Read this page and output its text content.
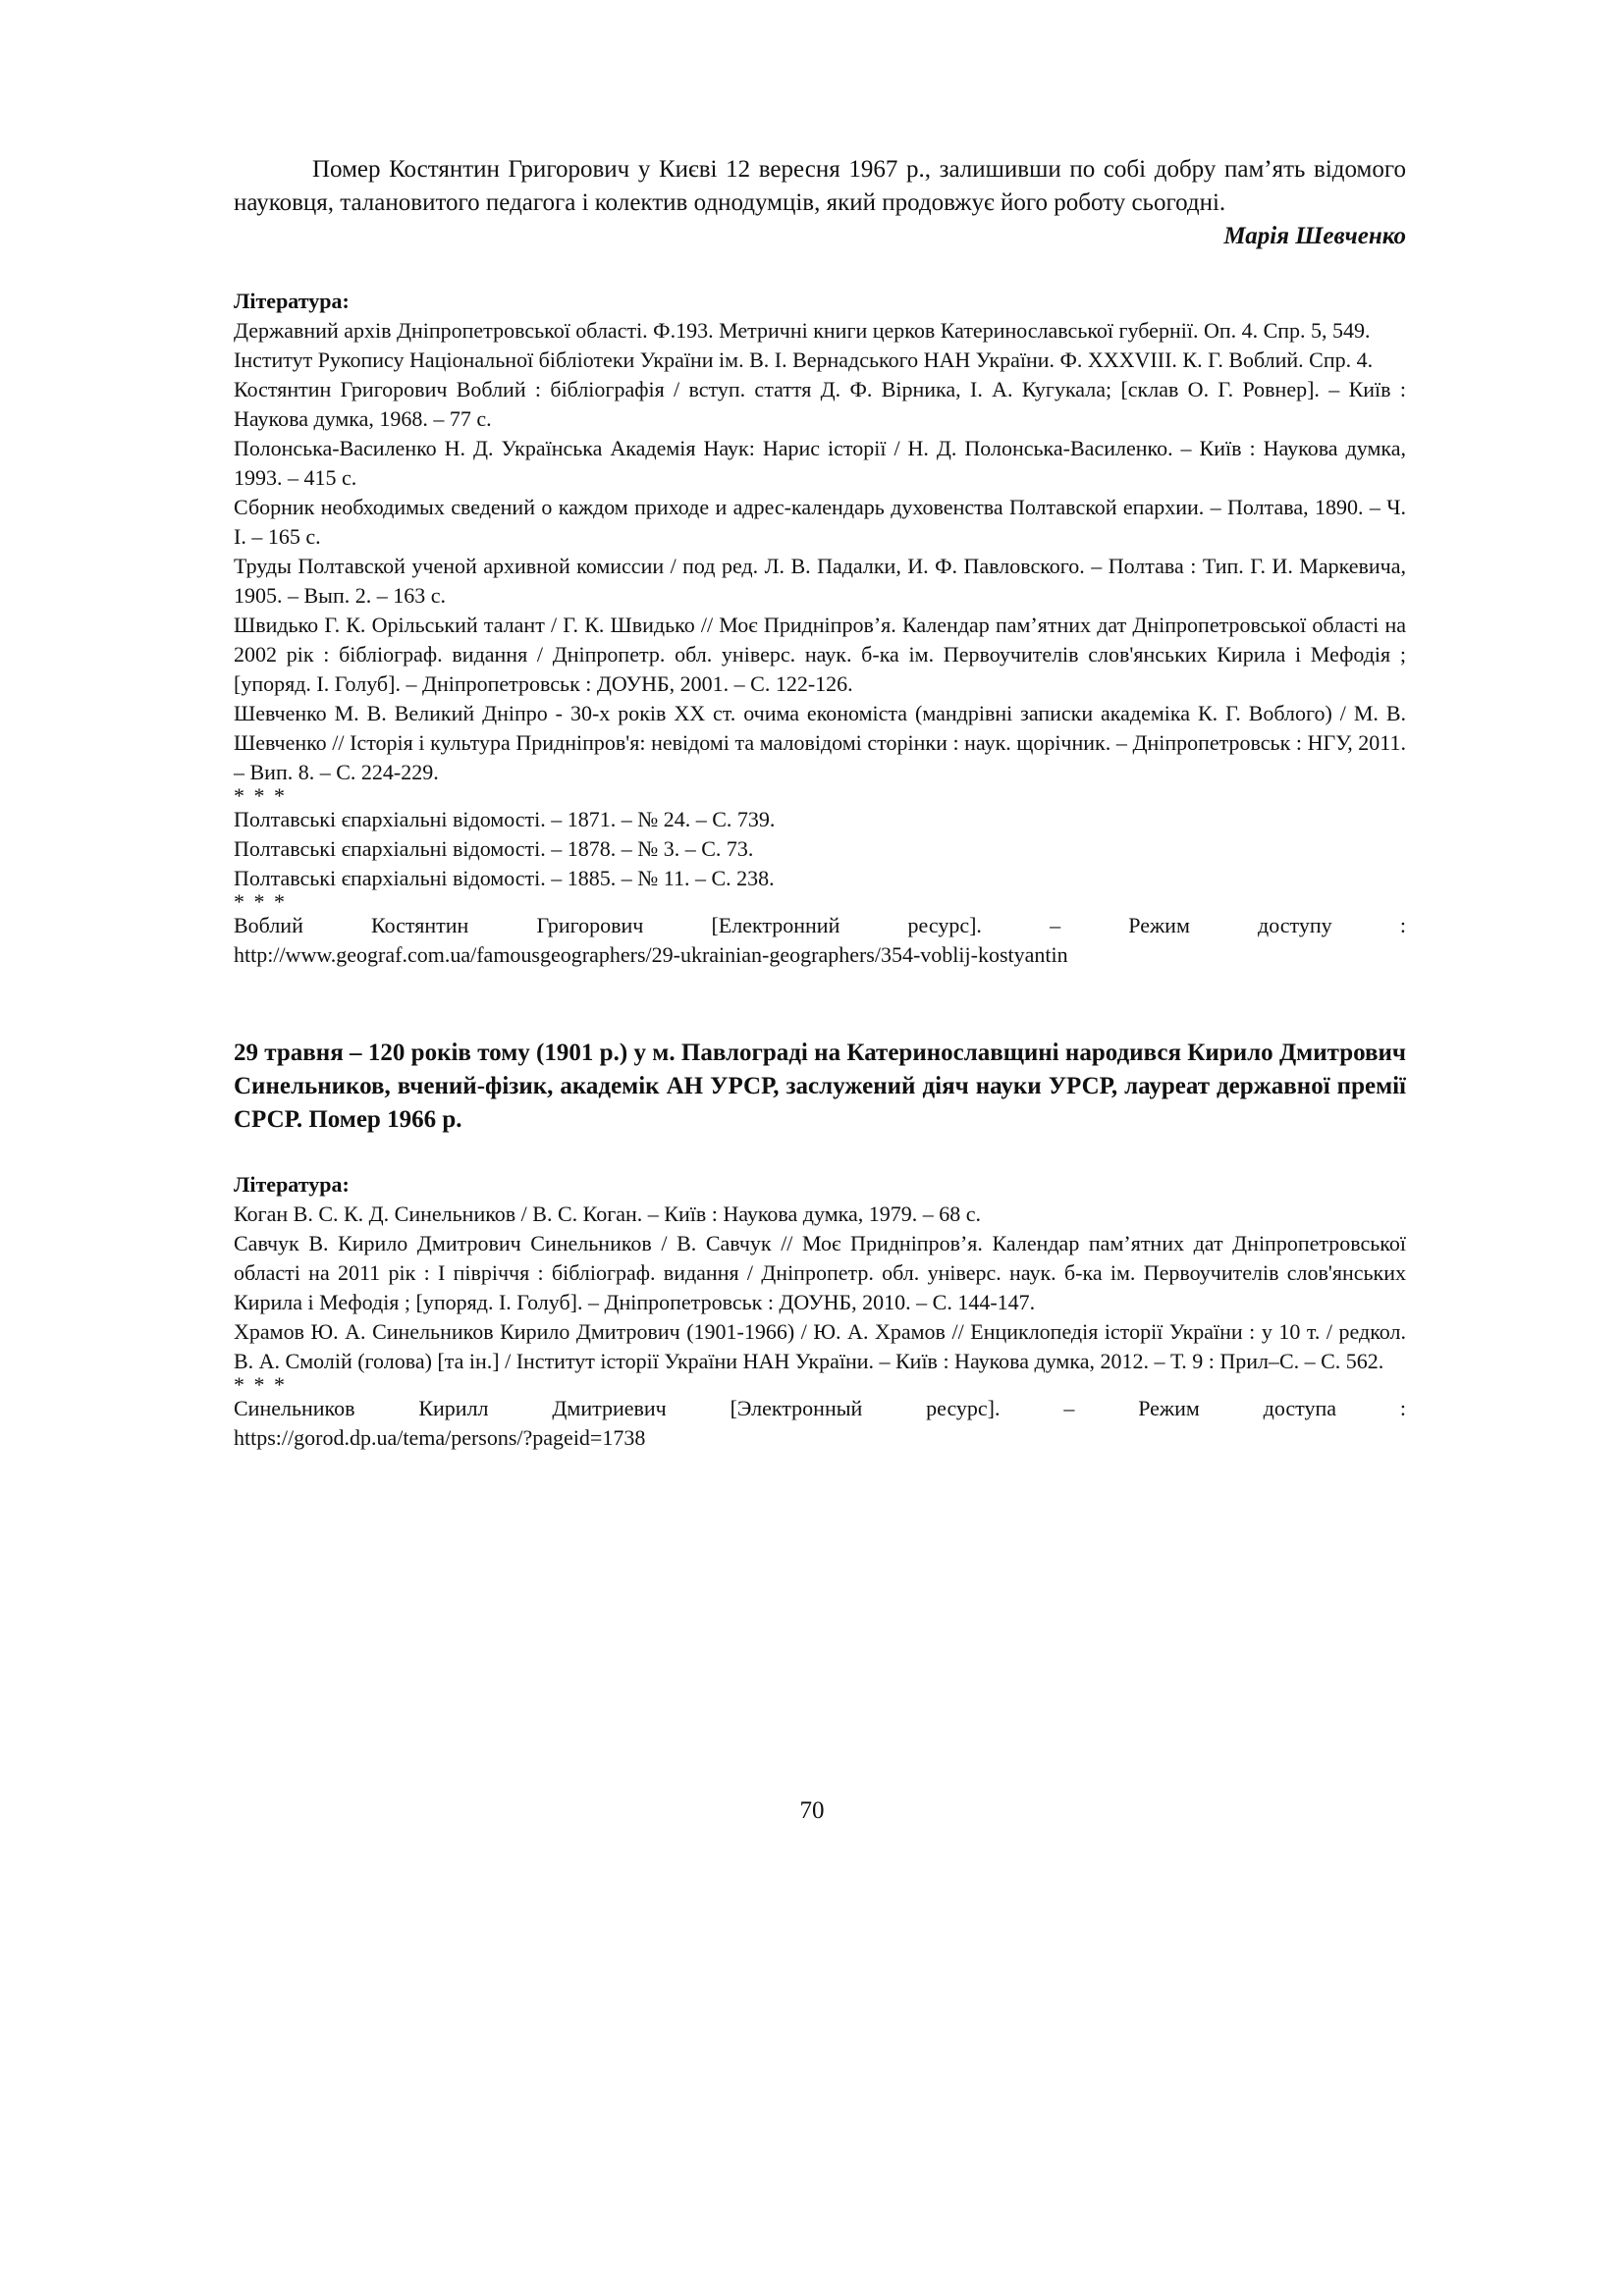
Помер Костянтин Григорович у Києві 12 вересня 1967 р., залишивши по собі добру пам’ять відомого науковця, талановитого педагога і колектив однодумців, який продовжує його роботу сьогодні.

Марія Шевченко

Література:

Державний архів Дніпропетровської області. Ф.193. Метричні книги церков Катеринославської губернії. Оп. 4. Спр. 5, 549.

Інститут Рукопису Національної бібліотеки України ім. В. І. Вернадського НАН України. Ф. XXXVIII. К. Г. Воблий. Спр. 4.

Костянтин Григорович Воблий : бібліографія / вступ. стаття Д. Ф. Вірника, І. А. Кугукала; [склав О. Г. Ровнер]. – Київ : Наукова думка, 1968. – 77 с.

Полонська-Василенко Н. Д. Українська Академія Наук: Нарис історії / Н. Д. Полонська-Василенко. – Київ : Наукова думка, 1993. – 415 с.

Сборник необходимых сведений о каждом приходе и адрес-календарь духовенства Полтавской епархии. – Полтава, 1890. – Ч. І. – 165 с.

Труды Полтавской ученой архивной комиссии / под ред. Л. В. Падалки, И. Ф. Павловского. – Полтава : Тип. Г. И. Маркевича, 1905. – Вып. 2. – 163 с.

Швидько Г. К. Орільський талант / Г. К. Швидько // Моє Придніпров’я. Календар пам’ятних дат Дніпропетровської області на 2002 рік : бібліограф. видання / Дніпропетр. обл. універс. наук. б-ка ім. Первоучителів слов'янських Кирила і Мефодія ; [упоряд. І. Голуб]. – Дніпропетровськ : ДОУНБ, 2001. – С. 122-126.

Шевченко М. В. Великий Дніпро - 30-х років XX ст. очима економіста (мандрівні записки академіка К. Г. Воблого) / М. В. Шевченко // Історія і культура Придніпров'я: невідомі та маловідомі сторінки : наук. щорічник. – Дніпропетровськ : НГУ, 2011. – Вип. 8. – С. 224-229.

* * *

Полтавські єпархіальні відомості. – 1871. – № 24. – С. 739.

Полтавські єпархіальні відомості. – 1878. – № 3. – С. 73.

Полтавські єпархіальні відомості. – 1885. – № 11. – С. 238.

* * *

Воблий	Костянтин	Григорович	[Електронний	ресурс].	–	Режим	доступу	:
http://www.geograf.com.ua/famousgeographers/29-ukrainian-geographers/354-voblij-kostyantin

29 травня – 120 років тому (1901 р.) у м. Павлограді на Катеринославщині народився Кирило Дмитрович Синельников, вчений-фізик, академік АН УРСР, заслужений діяч науки УРСР, лауреат державної премії СРСР. Помер 1966 р.

Література:

Коган В. С. К. Д. Синельников / В. С. Коган. – Київ : Наукова думка, 1979. – 68 с.

Савчук В. Кирило Дмитрович Синельников / В. Савчук // Моє Придніпров’я. Календар пам’ятних дат Дніпропетровської області на 2011 рік : І півріччя : бібліограф. видання / Дніпропетр. обл. універс. наук. б-ка ім. Первоучителів слов'янських Кирила і Мефодія ; [упоряд. І. Голуб]. – Дніпропетровськ : ДОУНБ, 2010. – С. 144-147.

Храмов Ю. А. Синельников Кирило Дмитрович (1901-1966) / Ю. А. Храмов // Енциклопедія історії України : у 10 т. / редкол. В. А. Смолій (голова) [та ін.] / Інститут історії України НАН України. – Київ : Наукова думка, 2012. – Т. 9 : Прил–С. – С. 562.

* * *

Синельников	Кирилл	Дмитриевич	[Электронный	ресурс].	–	Режим	доступа	:
https://gorod.dp.ua/tema/persons/?pageid=1738
70
